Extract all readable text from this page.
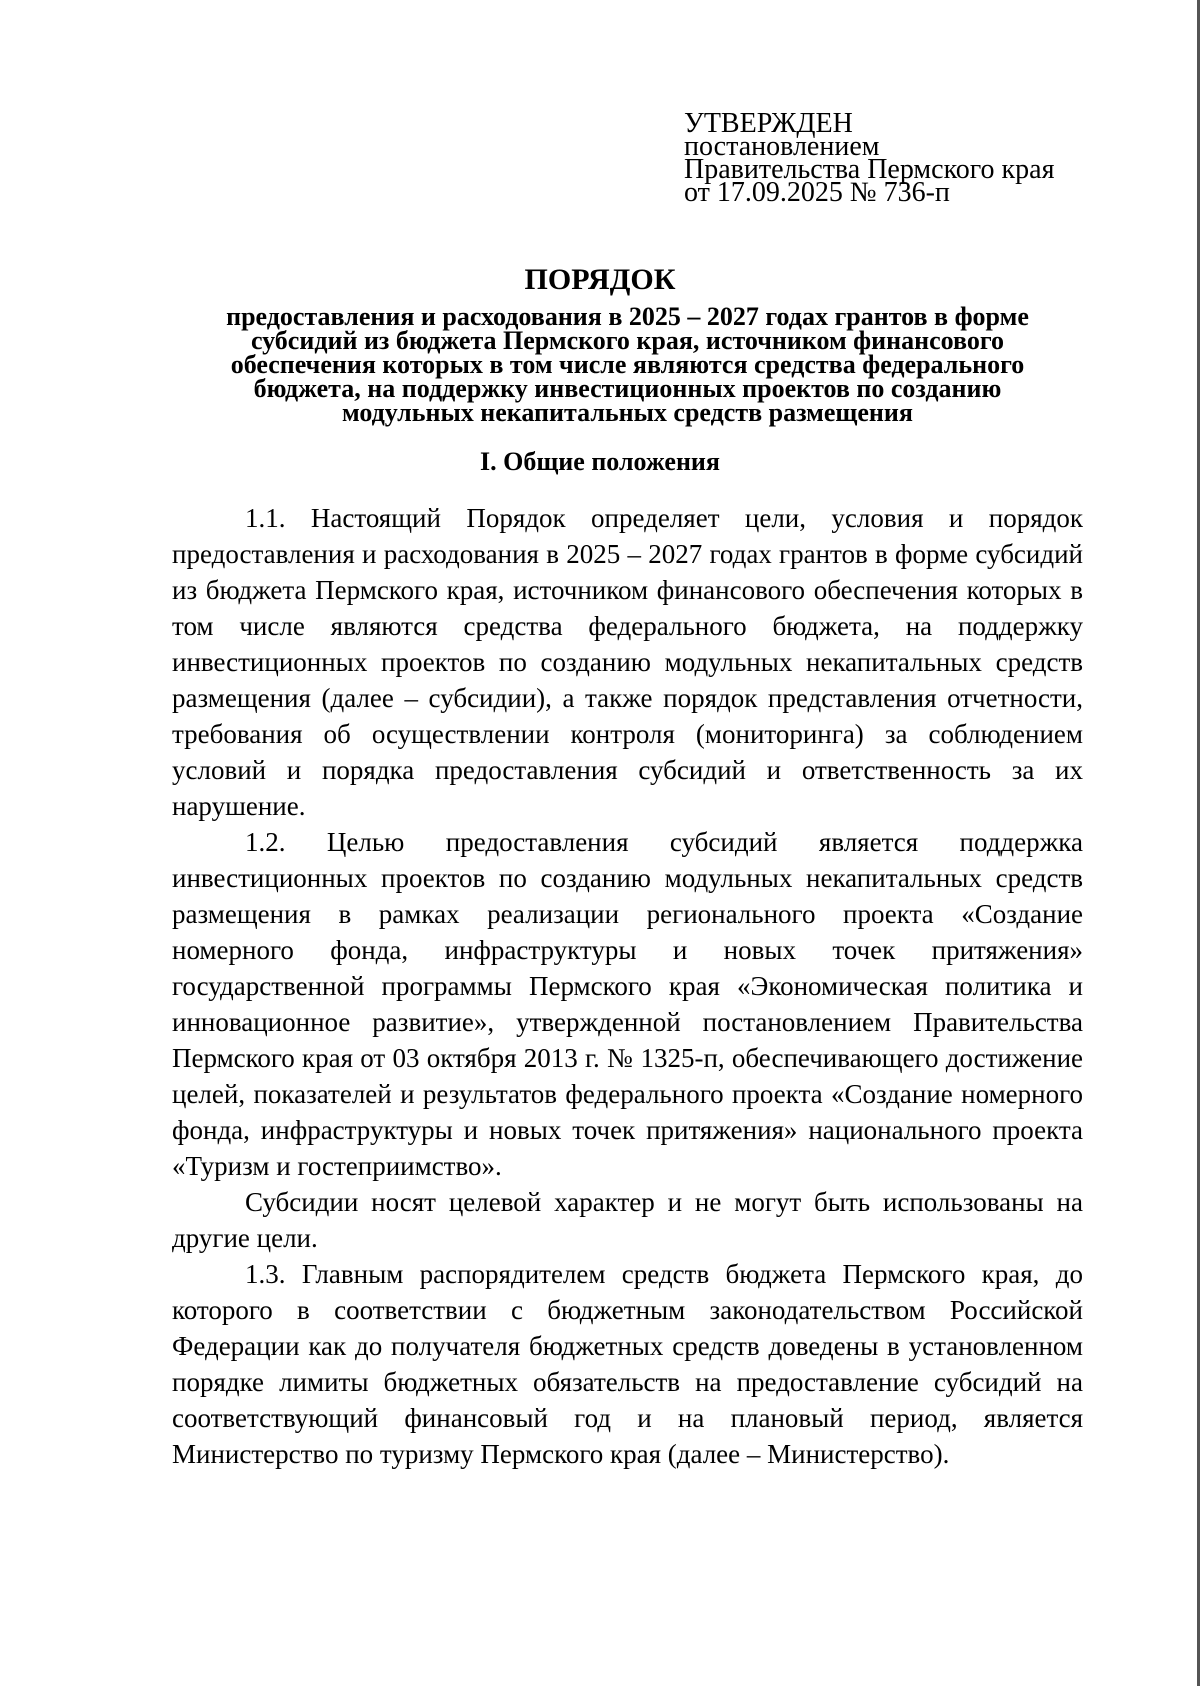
УТВЕРЖДЕН
постановлением
Правительства Пермского края
от 17.09.2025 № 736-п
ПОРЯДОК
предоставления и расходования в 2025 – 2027 годах грантов в форме
субсидий из бюджета Пермского края, источником финансового
обеспечения которых в том числе являются средства федерального
бюджета, на поддержку инвестиционных проектов по созданию
модульных некапитальных средств размещения
I. Общие положения

1.1. Настоящий Порядок определяет цели, условия и порядок предоставления и расходования в 2025 – 2027 годах грантов в форме субсидий из бюджета Пермского края, источником финансового обеспечения которых в том числе являются средства федерального бюджета, на поддержку инвестиционных проектов по созданию модульных некапитальных средств размещения (далее – субсидии), а также порядок представления отчетности, требования об осуществлении контроля (мониторинга) за соблюдением условий и порядка предоставления субсидий и ответственность за их нарушение.

1.2. Целью предоставления субсидий является поддержка инвестиционных проектов по созданию модульных некапитальных средств размещения в рамках реализации регионального проекта «Создание номерного фонда, инфраструктуры и новых точек притяжения» государственной программы Пермского края «Экономическая политика и инновационное развитие», утвержденной постановлением Правительства Пермского края от 03 октября 2013 г. № 1325-п, обеспечивающего достижение целей, показателей и результатов федерального проекта «Создание номерного фонда, инфраструктуры и новых точек притяжения» национального проекта «Туризм и гостеприимство».

Субсидии носят целевой характер и не могут быть использованы на другие цели.

1.3. Главным распорядителем средств бюджета Пермского края, до которого в соответствии с бюджетным законодательством Российской Федерации как до получателя бюджетных средств доведены в установленном порядке лимиты бюджетных обязательств на предоставление субсидий на соответствующий финансовый год и на плановый период, является Министерство по туризму Пермского края (далее – Министерство).
